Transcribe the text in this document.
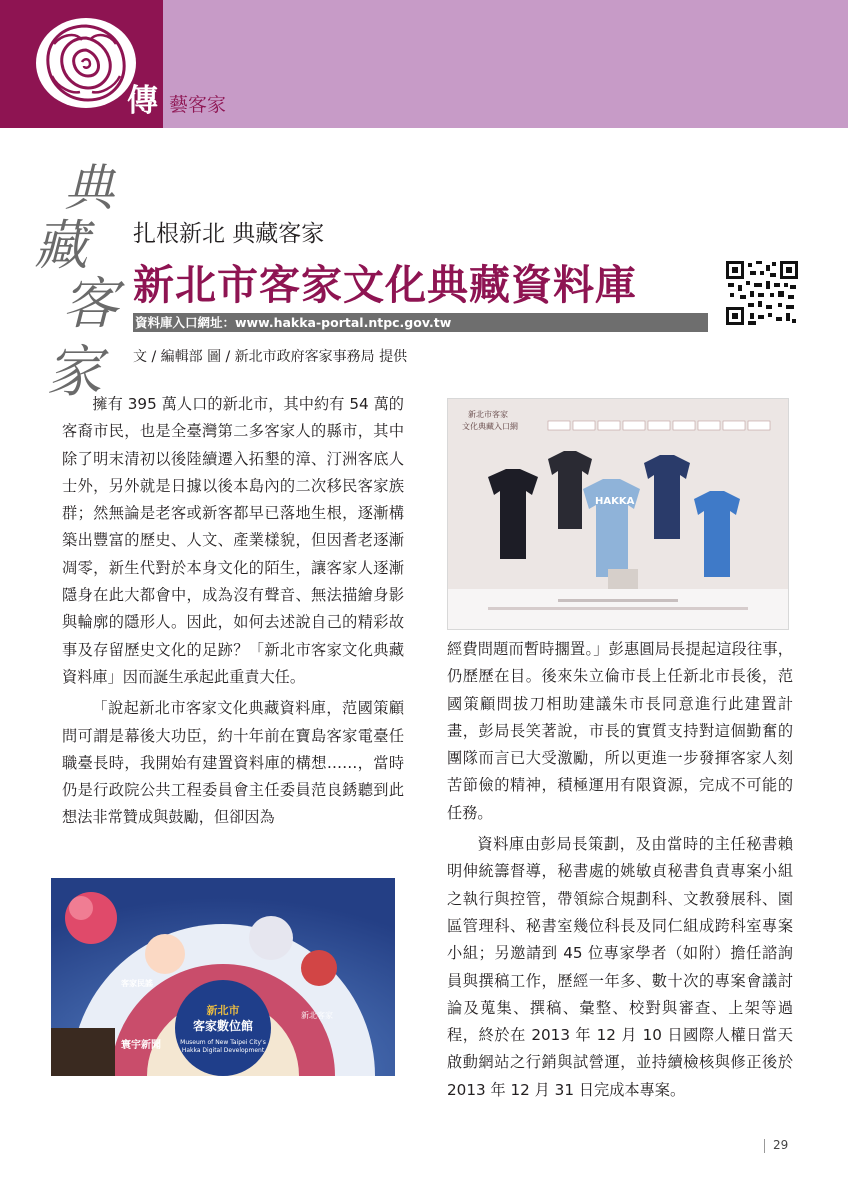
傳 藝客家
典
藏
客
家
扎根新北 典藏客家
新北市客家文化典藏資料庫
資料庫入口網址：www.hakka-portal.ntpc.gov.tw
文 / 編輯部 圖 / 新北市政府客家事務局 提供

擁有 395 萬人口的新北市，其中約有 54 萬的客裔市民，也是全臺灣第二多客家人的縣市，其中除了明末清初以後陸續遷入拓墾的漳、汀洲客底人士外，另外就是日據以後本島內的二次移民客家族群；然無論是老客或新客都早已落地生根，逐漸構築出豐富的歷史、人文、產業樣貌，但因耆老逐漸凋零，新生代對於本身文化的陌生，讓客家人逐漸隱身在此大都會中，成為沒有聲音、無法描繪身影與輪廓的隱形人。因此，如何去述說自己的精彩故事及存留歷史文化的足跡？「新北市客家文化典藏資料庫」因而誕生承起此重責大任。

「說起新北市客家文化典藏資料庫，范國策顧問可謂是幕後大功臣，約十年前在寶島客家電臺任職臺長時，我開始有建置資料庫的構想……，當時仍是行政院公共工程委員會主任委員范良銹聽到此想法非常贊成與鼓勵，但卻因為

新北市客家
文化典藏入口網
HAKKA

經費問題而暫時擱置。」彭惠圓局長提起這段往事，仍歷歷在目。後來朱立倫市長上任新北市長後，范國策顧問拔刀相助建議朱市長同意進行此建置計畫，彭局長笑著說，市長的實質支持對這個勤奮的團隊而言已大受激勵，所以更進一步發揮客家人刻苦節儉的精神，積極運用有限資源，完成不可能的任務。

資料庫由彭局長策劃，及由當時的主任秘書賴明伸統籌督導，秘書處的姚敏貞秘書負責專案小組之執行與控管，帶領綜合規劃科、文教發展科、園區管理科、秘書室幾位科長及同仁組成跨科室專案小組；另邀請到 45 位專家學者（如附）擔任諮詢員與撰稿工作，歷經一年多、數十次的專案會議討論及蒐集、撰稿、彙整、校對與審查、上架等過程，終於在 2013 年 12 月 10 日國際人權日當天啟動網站之行銷與試營運，並持續檢核與修正後於 2013 年 12 月 31 日完成本專案。

新北市
客家數位館
Museum of New Taipei City's
Hakka Digital Development
客家民謠
寰宇新聞
新北客家
29
